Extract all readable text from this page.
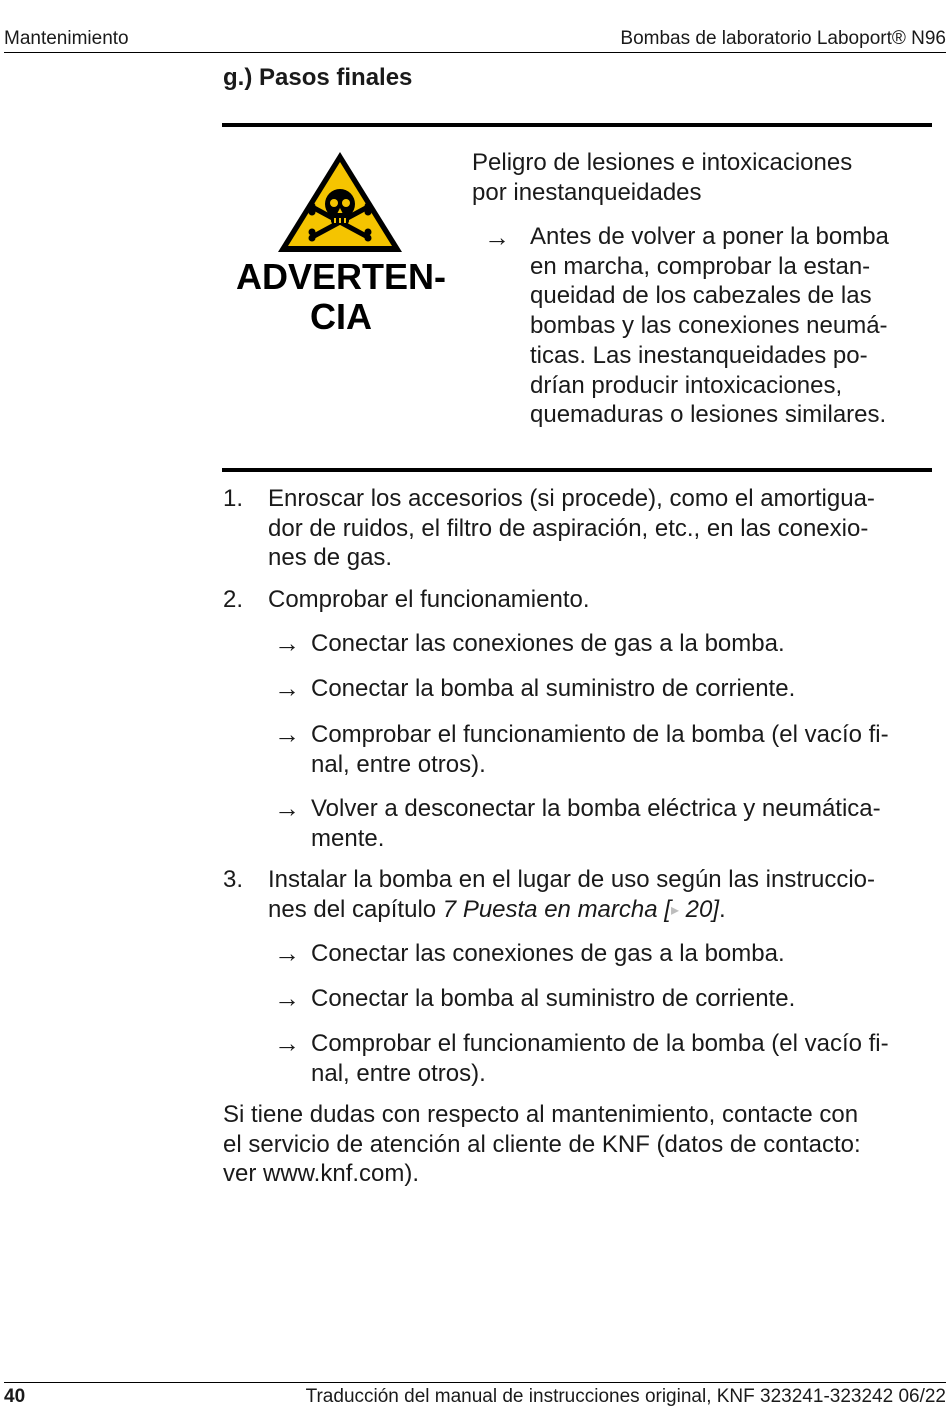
Mantenimiento	Bombas de laboratorio Laboport® N96
g.) Pasos finales
ADVERTEN-
CIA
Peligro de lesiones e intoxicaciones
por inestanqueidades
→ Antes de volver a poner la bomba
en marcha, comprobar la estan-
queidad de los cabezales de las
bombas y las conexiones neumá-
ticas. Las inestanqueidades po-
drían producir intoxicaciones,
quemaduras o lesiones similares.
1. Enroscar los accesorios (si procede), como el amortigua-
dor de ruidos, el filtro de aspiración, etc., en las conexio-
nes de gas.
2. Comprobar el funcionamiento.
→ Conectar las conexiones de gas a la bomba.
→ Conectar la bomba al suministro de corriente.
→ Comprobar el funcionamiento de la bomba (el vacío fi-
nal, entre otros).
→ Volver a desconectar la bomba eléctrica y neumática-
mente.
3. Instalar la bomba en el lugar de uso según las instruccio-
nes del capítulo 7 Puesta en marcha [▸ 20].
→ Conectar las conexiones de gas a la bomba.
→ Conectar la bomba al suministro de corriente.
→ Comprobar el funcionamiento de la bomba (el vacío fi-
nal, entre otros).
Si tiene dudas con respecto al mantenimiento, contacte con
el servicio de atención al cliente de KNF (datos de contacto:
ver www.knf.com).
40	Traducción del manual de instrucciones original, KNF 323241-323242 06/22
